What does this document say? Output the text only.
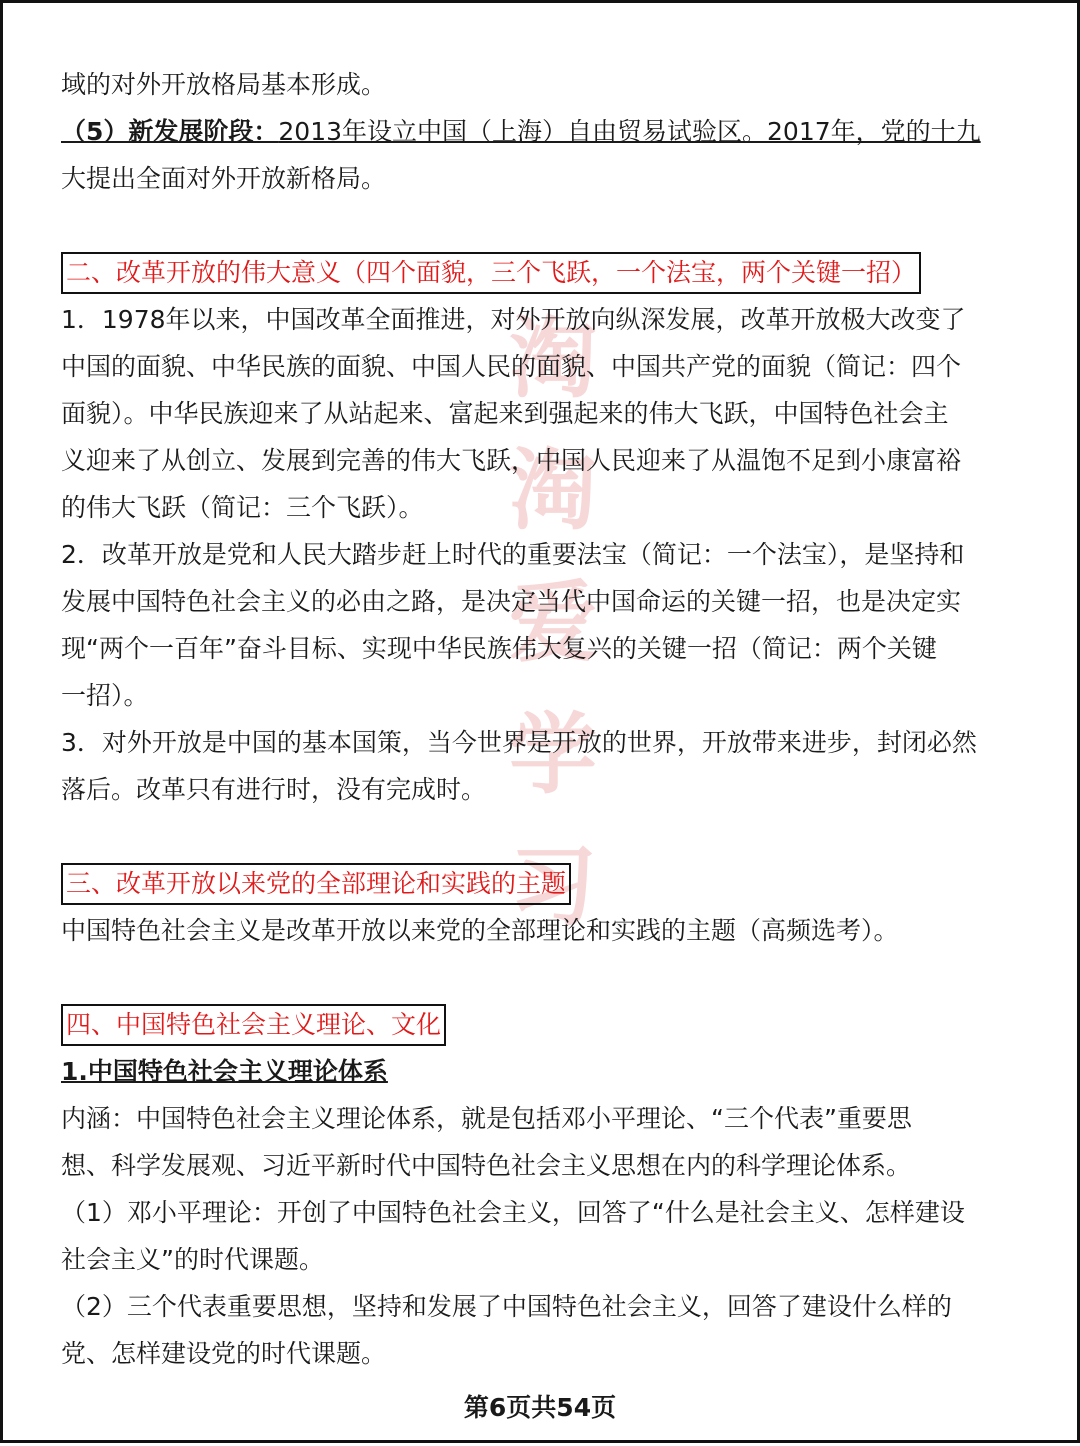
淘
淘
爱
学
习
域的对外开放格局基本形成。
（5）新发展阶段：2013年设立中国（上海）自由贸易试验区。2017年，党的十九
大提出全面对外开放新格局。
二、改革开放的伟大意义（四个面貌，三个飞跃，一个法宝，两个关键一招）
1．1978年以来，中国改革全面推进，对外开放向纵深发展，改革开放极大改变了
中国的面貌、中华民族的面貌、中国人民的面貌、中国共产党的面貌（简记：四个
面貌）。中华民族迎来了从站起来、富起来到强起来的伟大飞跃，中国特色社会主
义迎来了从创立、发展到完善的伟大飞跃，中国人民迎来了从温饱不足到小康富裕
的伟大飞跃（简记：三个飞跃）。
2．改革开放是党和人民大踏步赶上时代的重要法宝（简记：一个法宝），是坚持和
发展中国特色社会主义的必由之路，是决定当代中国命运的关键一招，也是决定实
现“两个一百年”奋斗目标、实现中华民族伟大复兴的关键一招（简记：两个关键
一招）。
3．对外开放是中国的基本国策，当今世界是开放的世界，开放带来进步，封闭必然
落后。改革只有进行时，没有完成时。
三、改革开放以来党的全部理论和实践的主题
中国特色社会主义是改革开放以来党的全部理论和实践的主题（高频选考）。
四、中国特色社会主义理论、文化
1.中国特色社会主义理论体系
内涵：中国特色社会主义理论体系，就是包括邓小平理论、“三个代表”重要思
想、科学发展观、习近平新时代中国特色社会主义思想在内的科学理论体系。
（1）邓小平理论：开创了中国特色社会主义，回答了“什么是社会主义、怎样建设
社会主义”的时代课题。
（2）三个代表重要思想，坚持和发展了中国特色社会主义，回答了建设什么样的
党、怎样建设党的时代课题。
第6页共54页
